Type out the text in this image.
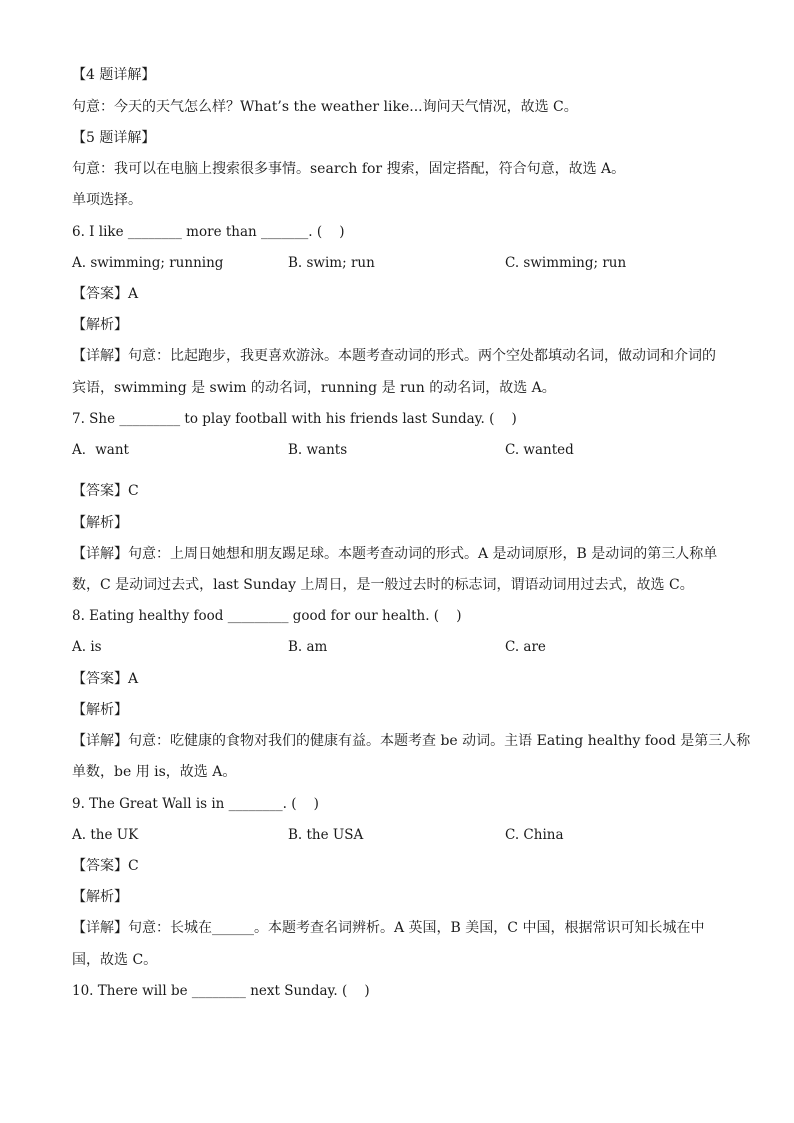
【4 题详解】

句意：今天的天气怎么样？What’s the weather like...询问天气情况，故选 C。

【5 题详解】

句意：我可以在电脑上搜索很多事情。search for 搜索，固定搭配，符合句意，故选 A。

单项选择。

6. I like ________ more than _______. (    )

A. swimming; running	B. swim; run	C. swimming; run

【答案】A

【解析】

【详解】句意：比起跑步，我更喜欢游泳。本题考查动词的形式。两个空处都填动名词，做动词和介词的

宾语，swimming 是 swim 的动名词，running 是 run 的动名词，故选 A。

7. She _________ to play football with his friends last Sunday. (    )

A．want	B. wants	C. wanted

【答案】C

【解析】

【详解】句意：上周日她想和朋友踢足球。本题考查动词的形式。A 是动词原形，B 是动词的第三人称单

数，C 是动词过去式，last Sunday 上周日，是一般过去时的标志词，谓语动词用过去式，故选 C。

8. Eating healthy food _________ good for our health. (    )

A. is	B. am	C. are

【答案】A

【解析】

【详解】句意：吃健康的食物对我们的健康有益。本题考查 be 动词。主语 Eating healthy food 是第三人称

单数，be 用 is，故选 A。

9. The Great Wall is in ________. (    )

A. the UK	B. the USA	C. China

【答案】C

【解析】

【详解】句意：长城在______。本题考查名词辨析。A 英国，B 美国，C 中国，根据常识可知长城在中

国，故选 C。

10. There will be ________ next Sunday. (    )
